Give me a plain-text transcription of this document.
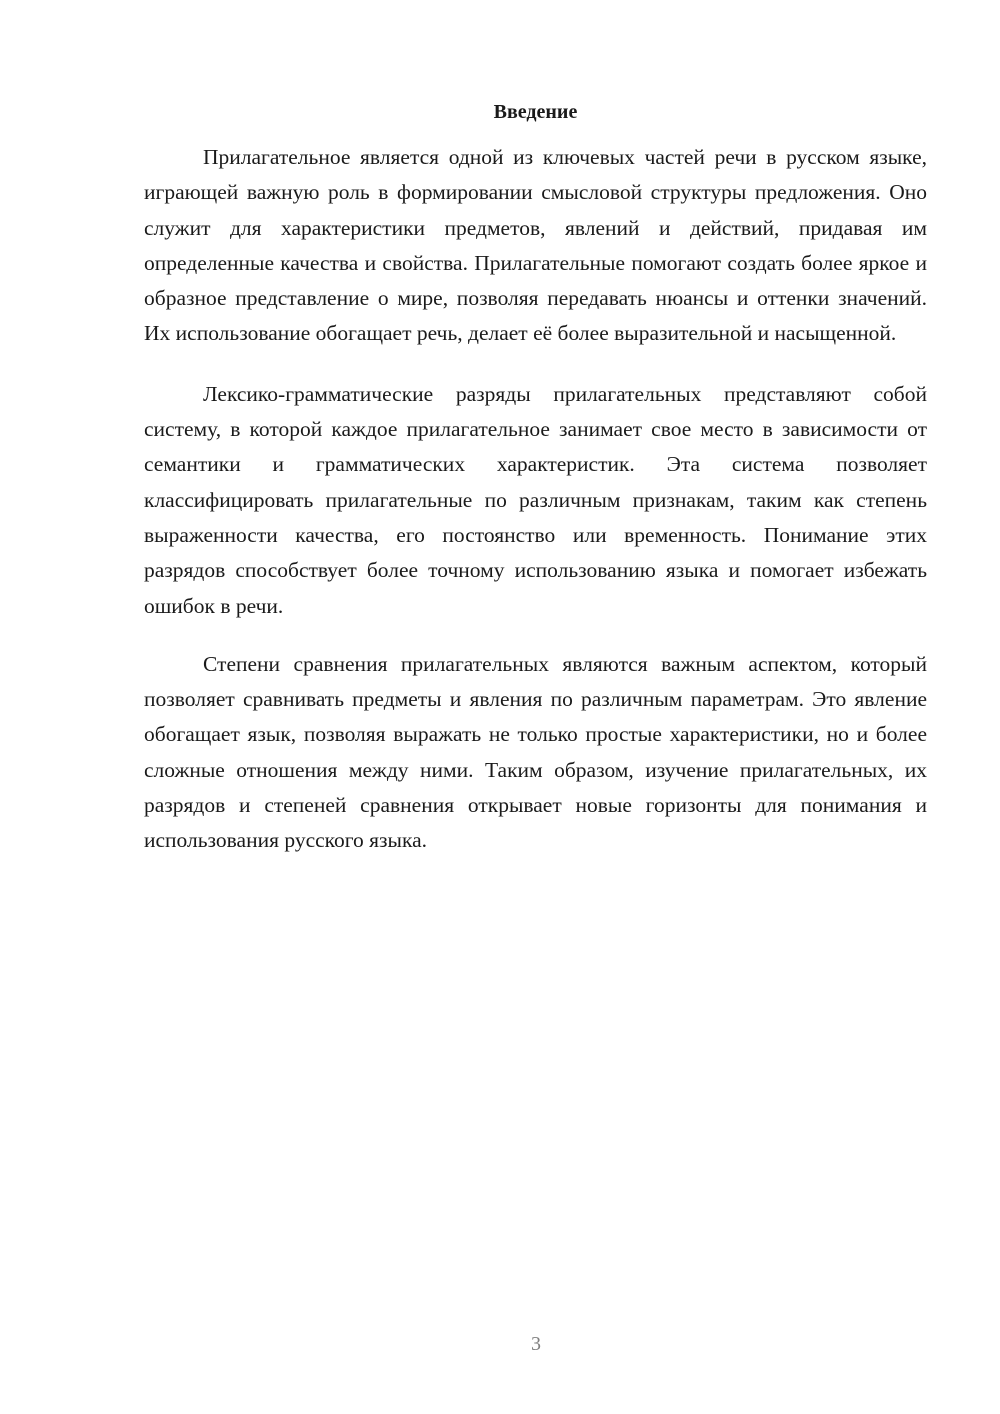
Введение

Прилагательное является одной из ключевых частей речи в русском языке, играющей важную роль в формировании смысловой структуры предложения. Оно служит для характеристики предметов, явлений и действий, придавая им определенные качества и свойства. Прилагательные помогают создать более яркое и образное представление о мире, позволяя передавать нюансы и оттенки значений. Их использование обогащает речь, делает её более выразительной и насыщенной.

Лексико-грамматические разряды прилагательных представляют собой систему, в которой каждое прилагательное занимает свое место в зависимости от семантики и грамматических характеристик. Эта система позволяет классифицировать прилагательные по различным признакам, таким как степень выраженности качества, его постоянство или временность. Понимание этих разрядов способствует более точному использованию языка и помогает избежать ошибок в речи.

Степени сравнения прилагательных являются важным аспектом, который позволяет сравнивать предметы и явления по различным параметрам. Это явление обогащает язык, позволяя выражать не только простые характеристики, но и более сложные отношения между ними. Таким образом, изучение прилагательных, их разрядов и степеней сравнения открывает новые горизонты для понимания и использования русского языка.

3
